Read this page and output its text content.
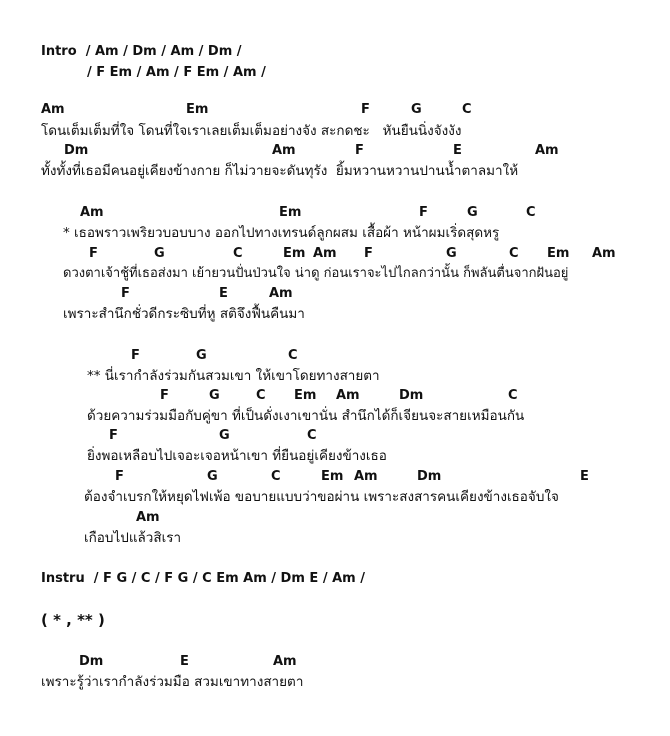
Intro  / Am / Dm / Am / Dm /
/ F Em / Am / F Em / Am /
Am	Em	F	G	C
โดนเต็มเต็มที่ใจ โดนที่ใจเราเลยเต็มเต็มอย่างจัง สะกดชะ   หันยืนนิ่งจังงัง
Dm	Am	F	E	Am
ทั้งทั้งที่เธอมีคนอยู่เคียงข้างกาย ก็ไม่วายจะดันทุรัง  ยิ้มหวานหวานปานน้ำตาลมาให้
Am	Em	F	G	C
* เธอพราวเพริยวบอบบาง ออกไปทางเทรนด์ลูกผสม เสื้อผ้า หน้าผมเริ่ดสุดหรู
F	G	C	Em Am F	G	C Em Am
ดวงตาเจ้าชู้ที่เธอส่งมา เย้ายวนปั่นป่วนใจ น่าดู ก่อนเราจะไปไกลกว่านั้น ก็พลันตื่นจากฝันอยู่
F	E	Am
เพราะสำนึกชั่วดีกระซิบที่หู สติจึงฟื้นคืนมา
F	G	C
** นี่เรากำลังร่วมกันสวมเขา ให้เขาโดยทางสายตา
F	G	C Em Am	Dm	C
ด้วยความร่วมมือกับคู่ขา ที่เป็นดั่งเงาเขานั่น สำนึกได้ก็เจียนจะสายเหมือนกัน
F	G	C
ยิ่งพอเหลือบไปเจอะเจอหน้าเขา ที่ยืนอยู่เคียงข้างเธอ
F	G	C	Em Am	Dm	E
ต้องจำเบรกให้หยุดไฟเพ้อ ขอบายแบบว่าขอผ่าน เพราะสงสารคนเคียงข้างเธอจับใจ
Am
เกือบไปแล้วสิเรา
Instru  / F G / C / F G / C Em Am / Dm E / Am /
( * , ** )
Dm	E	Am
เพราะรู้ว่าเรากำลังร่วมมือ สวมเขาทางสายตา
